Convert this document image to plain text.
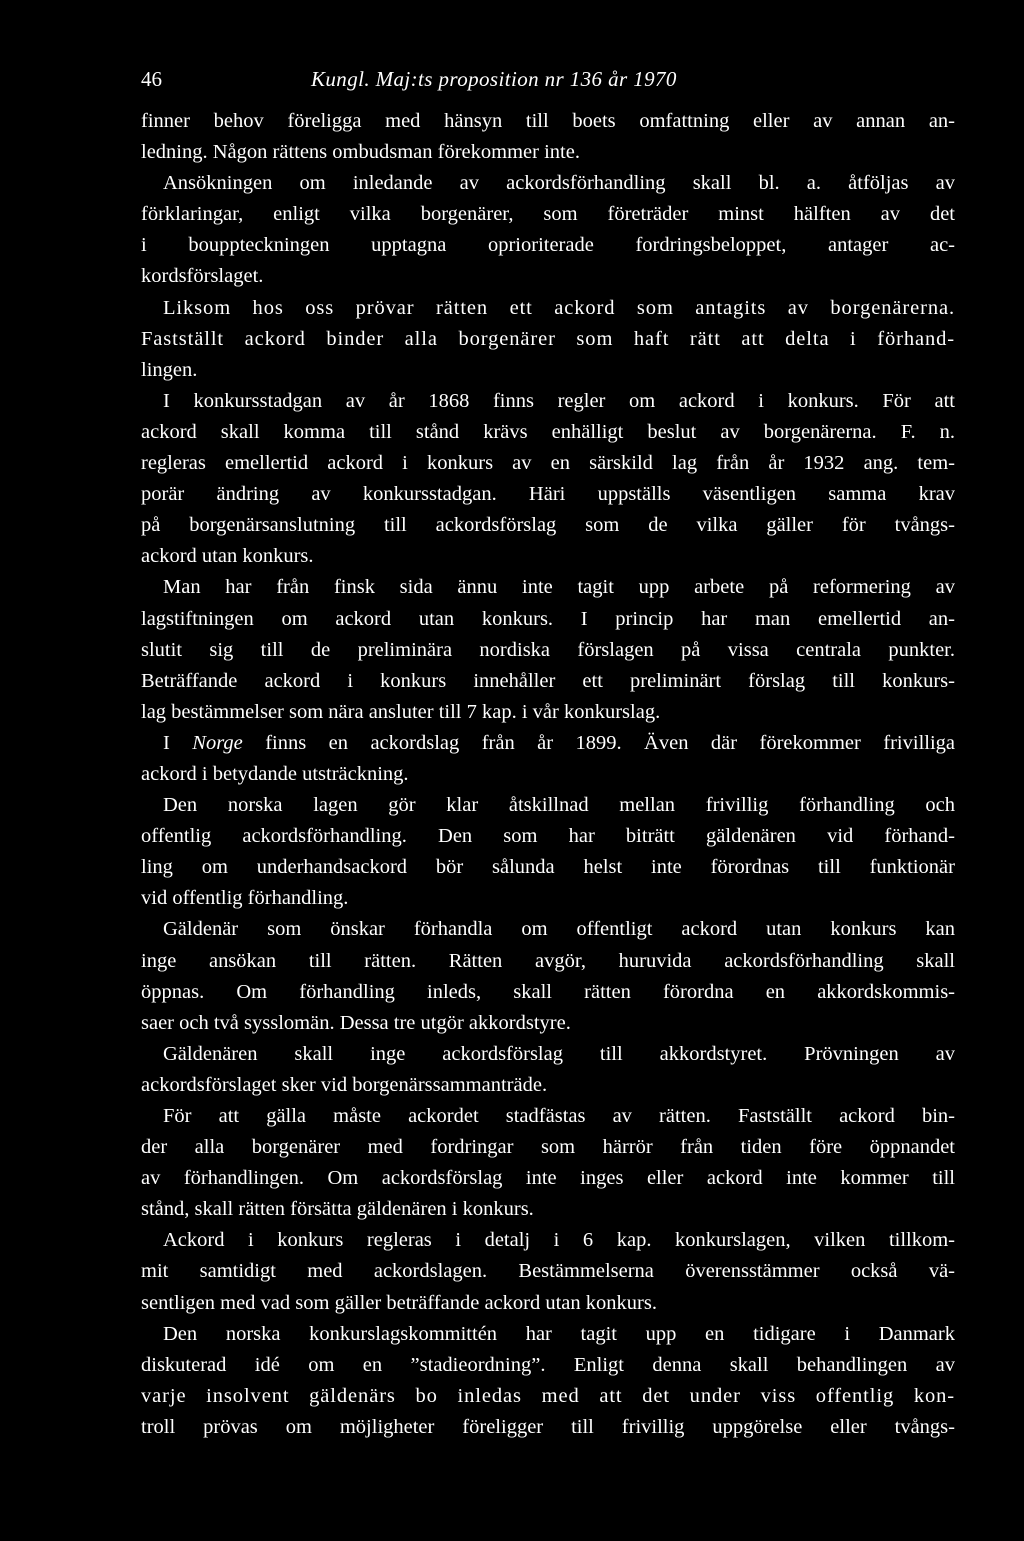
46	Kungl. Maj:ts proposition nr 136 år 1970
finner behov föreligga med hänsyn till boets omfattning eller av annan an-
ledning. Någon rättens ombudsman förekommer inte.
Ansökningen om inledande av ackordsförhandling skall bl. a. åtföljas av
förklaringar, enligt vilka borgenärer, som företräder minst hälften av det
i bouppteckningen upptagna oprioriterade fordringsbeloppet, antager ac-
kordsförslaget.
Liksom hos oss prövar rätten ett ackord som antagits av borgenärerna.
Fastställt ackord binder alla borgenärer som haft rätt att delta i förhand-
lingen.
I konkursstadgan av år 1868 finns regler om ackord i konkurs. För att
ackord skall komma till stånd krävs enhälligt beslut av borgenärerna. F. n.
regleras emellertid ackord i konkurs av en särskild lag från år 1932 ang. tem-
porär ändring av konkursstadgan. Häri uppställs väsentligen samma krav
på borgenärsanslutning till ackordsförslag som de vilka gäller för tvångs-
ackord utan konkurs.
Man har från finsk sida ännu inte tagit upp arbete på reformering av
lagstiftningen om ackord utan konkurs. I princip har man emellertid an-
slutit sig till de preliminära nordiska förslagen på vissa centrala punkter.
Beträffande ackord i konkurs innehåller ett preliminärt förslag till konkurs-
lag bestämmelser som nära ansluter till 7 kap. i vår konkurslag.
I Norge finns en ackordslag från år 1899. Även där förekommer frivilliga
ackord i betydande utsträckning.
Den norska lagen gör klar åtskillnad mellan frivillig förhandling och
offentlig ackordsförhandling. Den som har biträtt gäldenären vid förhand-
ling om underhandsackord bör sålunda helst inte förordnas till funktionär
vid offentlig förhandling.
Gäldenär som önskar förhandla om offentligt ackord utan konkurs kan
inge ansökan till rätten. Rätten avgör, huruvida ackordsförhandling skall
öppnas. Om förhandling inleds, skall rätten förordna en akkordskommis-
saer och två sysslomän. Dessa tre utgör akkordstyre.
Gäldenären skall inge ackordsförslag till akkordstyret. Prövningen av
ackordsförslaget sker vid borgenärssammanträde.
För att gälla måste ackordet stadfästas av rätten. Fastställt ackord bin-
der alla borgenärer med fordringar som härrör från tiden före öppnandet
av förhandlingen. Om ackordsförslag inte inges eller ackord inte kommer till
stånd, skall rätten försätta gäldenären i konkurs.
Ackord i konkurs regleras i detalj i 6 kap. konkurslagen, vilken tillkom-
mit samtidigt med ackordslagen. Bestämmelserna överensstämmer också vä-
sentligen med vad som gäller beträffande ackord utan konkurs.
Den norska konkurslagskommittén har tagit upp en tidigare i Danmark
diskuterad idé om en ”stadieordning”. Enligt denna skall behandlingen av
varje insolvent gäldenärs bo inledas med att det under viss offentlig kon-
troll prövas om möjligheter föreligger till frivillig uppgörelse eller tvångs-
